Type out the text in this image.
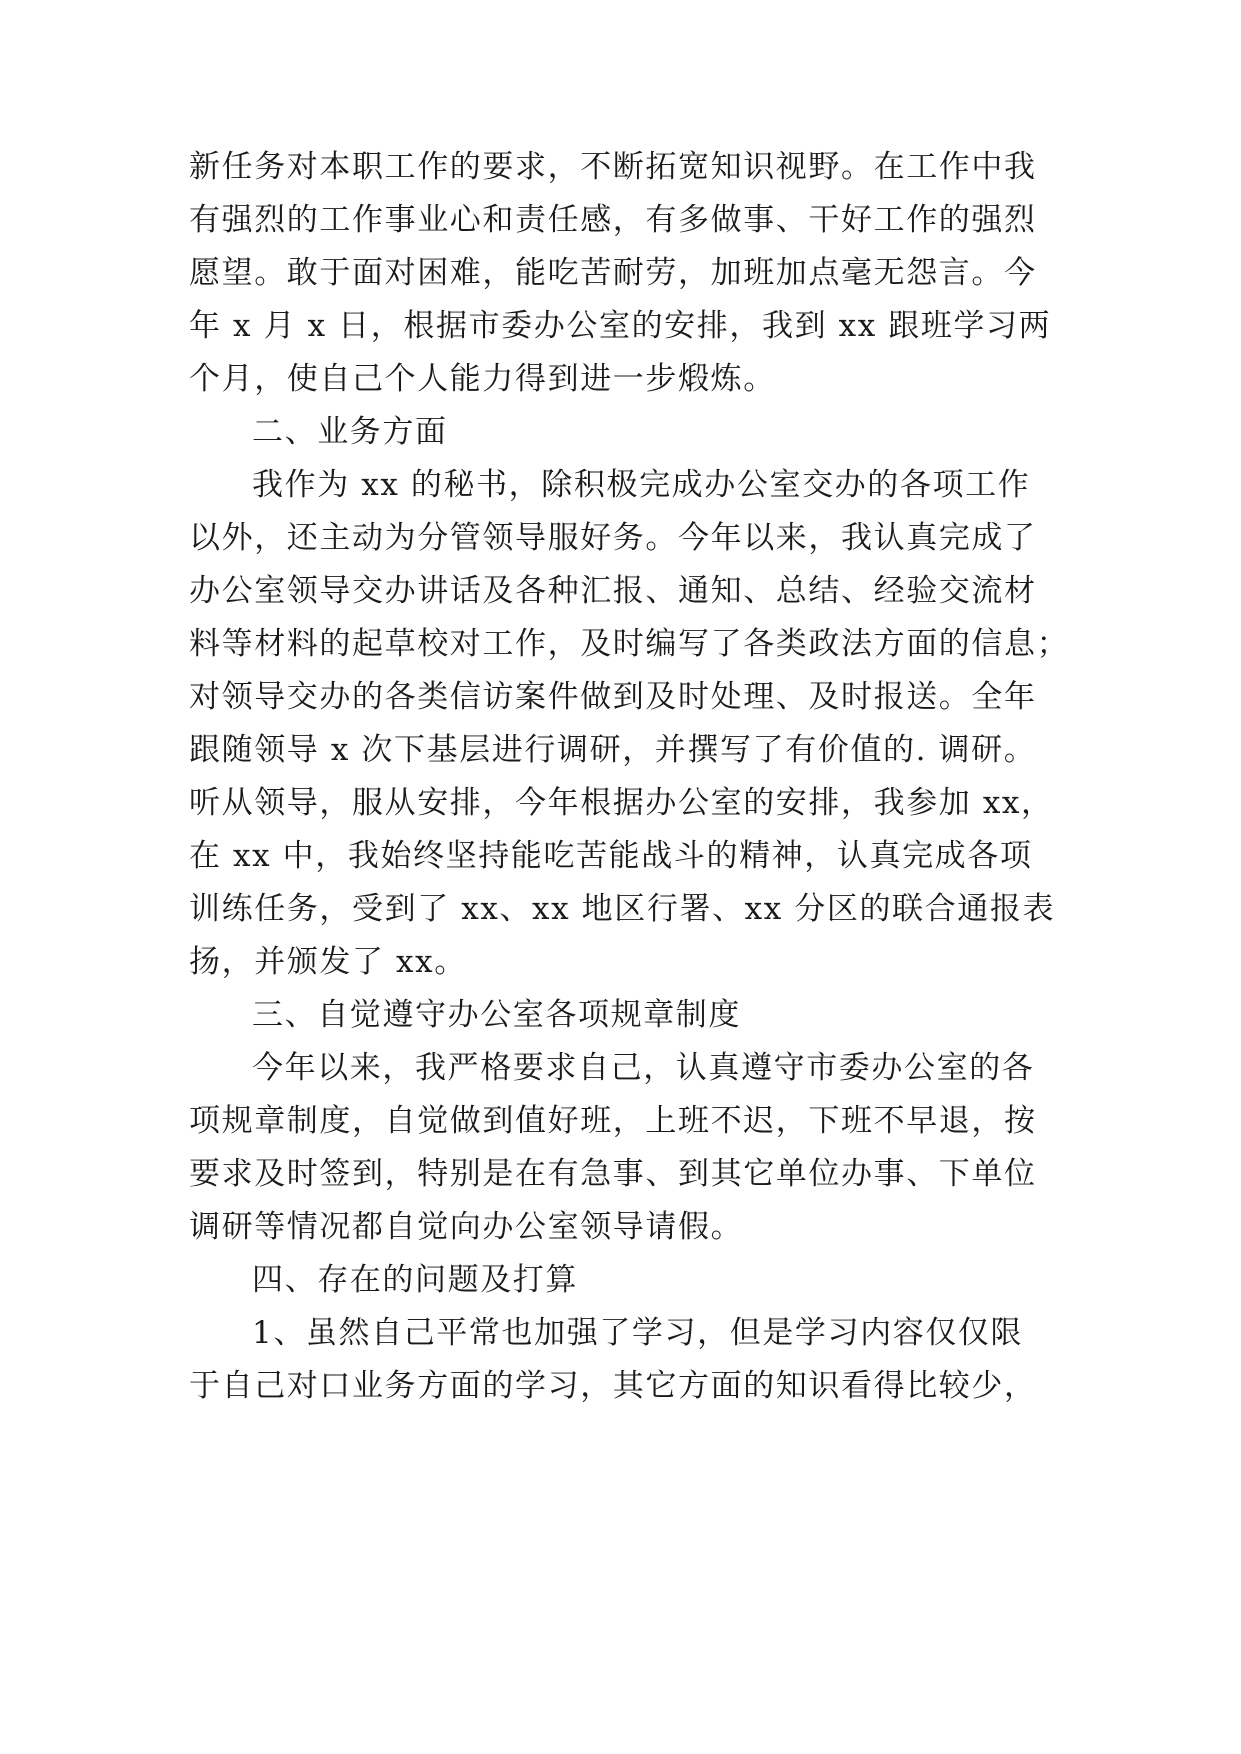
新任务对本职工作的要求，不断拓宽知识视野。在工作中我
有强烈的工作事业心和责任感，有多做事、干好工作的强烈
愿望。敢于面对困难，能吃苦耐劳，加班加点毫无怨言。今
年 x 月 x 日，根据市委办公室的安排，我到 xx 跟班学习两
个月，使自己个人能力得到进一步煅炼。
二、业务方面
我作为 xx 的秘书，除积极完成办公室交办的各项工作
以外，还主动为分管领导服好务。今年以来，我认真完成了
办公室领导交办讲话及各种汇报、通知、总结、经验交流材
料等材料的起草校对工作，及时编写了各类政法方面的信息；
对领导交办的各类信访案件做到及时处理、及时报送。全年
跟随领导 x 次下基层进行调研，并撰写了有价值的. 调研。
听从领导，服从安排，今年根据办公室的安排，我参加 xx，
在 xx 中，我始终坚持能吃苦能战斗的精神，认真完成各项
训练任务，受到了 xx、xx 地区行署、xx 分区的联合通报表
扬，并颁发了 xx。
三、自觉遵守办公室各项规章制度
今年以来，我严格要求自己，认真遵守市委办公室的各
项规章制度，自觉做到值好班，上班不迟，下班不早退，按
要求及时签到，特别是在有急事、到其它单位办事、下单位
调研等情况都自觉向办公室领导请假。
四、存在的问题及打算
1、虽然自己平常也加强了学习，但是学习内容仅仅限
于自己对口业务方面的学习，其它方面的知识看得比较少，
